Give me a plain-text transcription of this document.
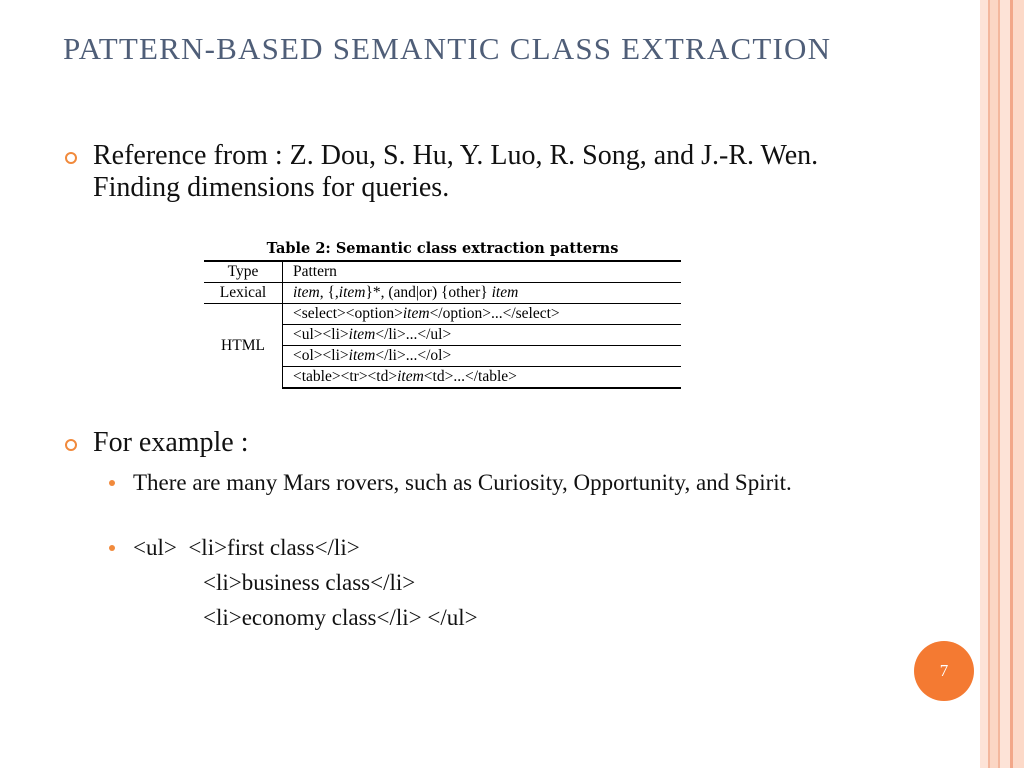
PATTERN-BASED SEMANTIC CLASS EXTRACTION
Reference from : Z. Dou, S. Hu, Y. Luo, R. Song, and J.-R. Wen. Finding dimensions for queries.
Table 2: Semantic class extraction patterns
Type	Pattern
Lexical	item, {,item}*, (and|or) {other} item
HTML	<select><option>item</option>...</select>
	<ul><li>item</li>...</ul>
	<ol><li>item</li>...</ol>
	<table><tr><td>item<td>...</table>
For example :
There are many Mars rovers, such as Curiosity, Opportunity, and Spirit.
<ul>  <li>first class</li>
<li>business class</li>
<li>economy class</li> </ul>
7
